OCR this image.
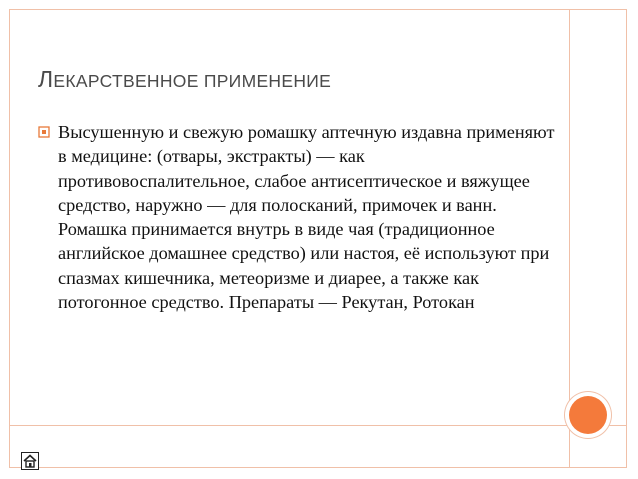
ЛЕКАРСТВЕННОЕ ПРИМЕНЕНИЕ

Высушенную и свежую ромашку аптечную издавна применяют в медицине: (отвары, экстракты) — как противовоспалительное, слабое антисептическое и вяжущее средство, наружно — для полосканий, примочек и ванн. Ромашка принимается внутрь в виде чая (традиционное английское домашнее средство) или настоя, её используют при спазмах кишечника, метеоризме и диарее, а также как потогонное средство. Препараты — Рекутан, Ротокан
